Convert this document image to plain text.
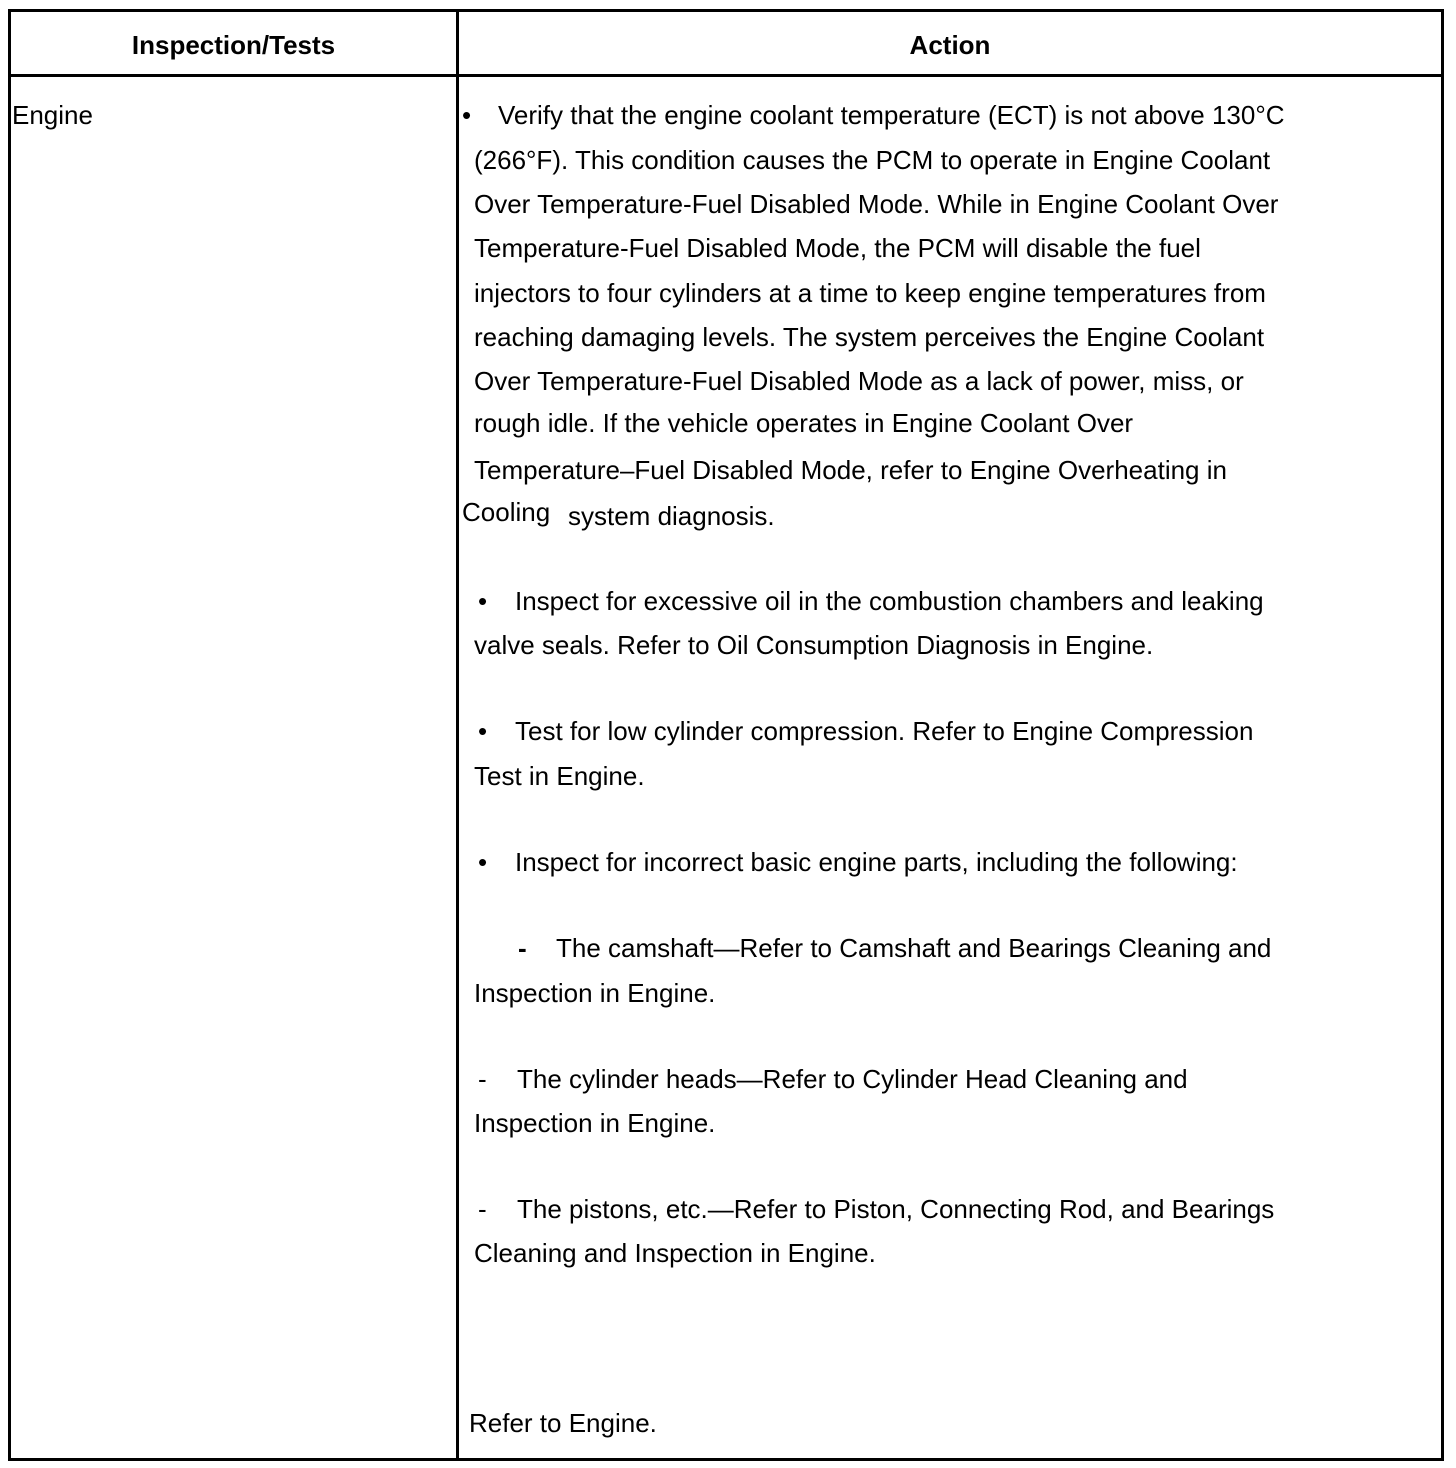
Inspection/Tests	Action
Engine	• Verify that the engine coolant temperature (ECT) is not above 130°C
(266°F). This condition causes the PCM to operate in Engine Coolant
Over Temperature-Fuel Disabled Mode. While in Engine Coolant Over
Temperature-Fuel Disabled Mode, the PCM will disable the fuel
injectors to four cylinders at a time to keep engine temperatures from
reaching damaging levels. The system perceives the Engine Coolant
Over Temperature-Fuel Disabled Mode as a lack of power, miss, or
rough idle. If the vehicle operates in Engine Coolant Over
Temperature–Fuel Disabled Mode, refer to Engine Overheating in
Cooling system diagnosis.
• Inspect for excessive oil in the combustion chambers and leaking
valve seals. Refer to Oil Consumption Diagnosis in Engine.
• Test for low cylinder compression. Refer to Engine Compression
Test in Engine.
• Inspect for incorrect basic engine parts, including the following:
- The camshaft—Refer to Camshaft and Bearings Cleaning and
Inspection in Engine.
- The cylinder heads—Refer to Cylinder Head Cleaning and
Inspection in Engine.
- The pistons, etc.—Refer to Piston, Connecting Rod, and Bearings
Cleaning and Inspection in Engine.
Refer to Engine.
